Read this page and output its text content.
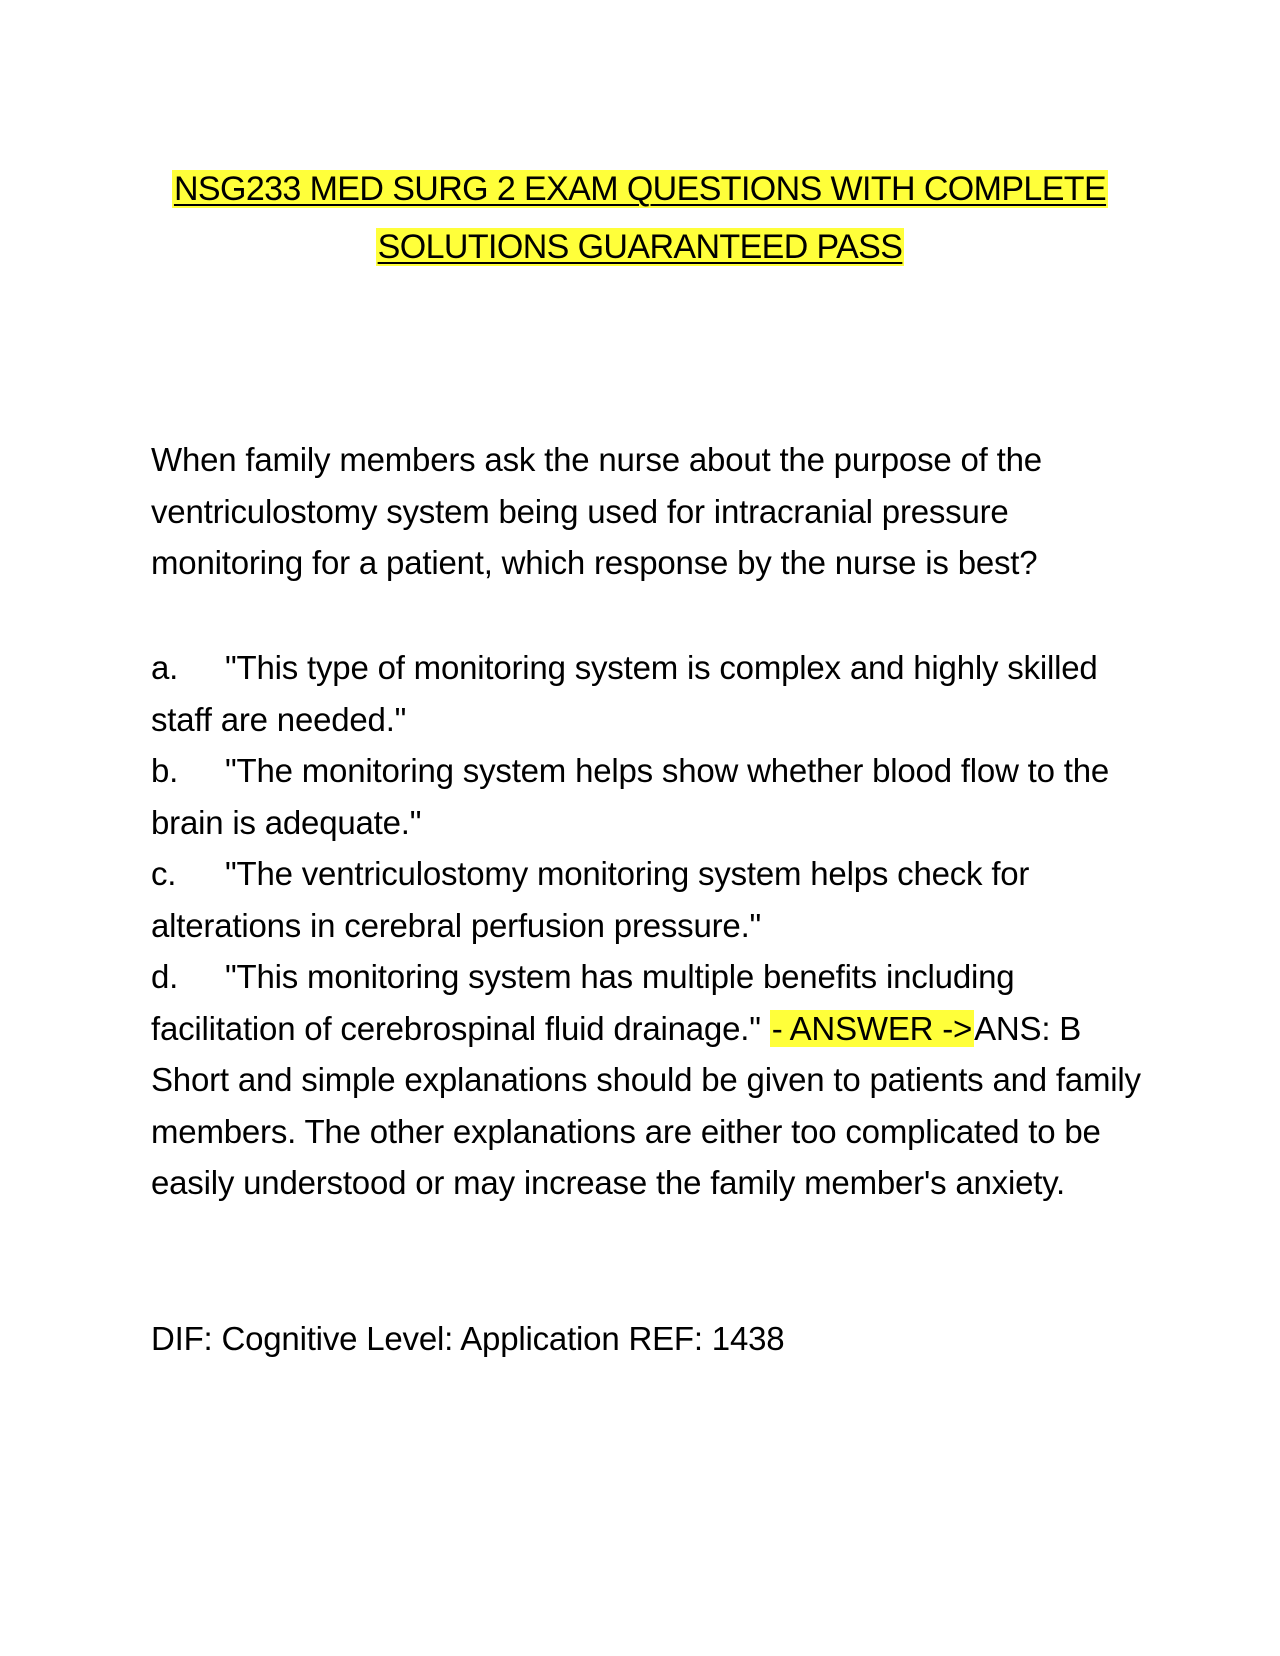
NSG233 MED SURG 2 EXAM QUESTIONS WITH COMPLETE
SOLUTIONS GUARANTEED PASS
When family members ask the nurse about the purpose of the ventriculostomy system being used for intracranial pressure monitoring for a patient, which response by the nurse is best?
a. "This type of monitoring system is complex and highly skilled staff are needed."
b. "The monitoring system helps show whether blood flow to the brain is adequate."
c. "The ventriculostomy monitoring system helps check for alterations in cerebral perfusion pressure."
d. "This monitoring system has multiple benefits including facilitation of cerebrospinal fluid drainage." - ANSWER ->ANS: B Short and simple explanations should be given to patients and family members. The other explanations are either too complicated to be easily understood or may increase the family member's anxiety.
DIF: Cognitive Level: Application REF: 1438
